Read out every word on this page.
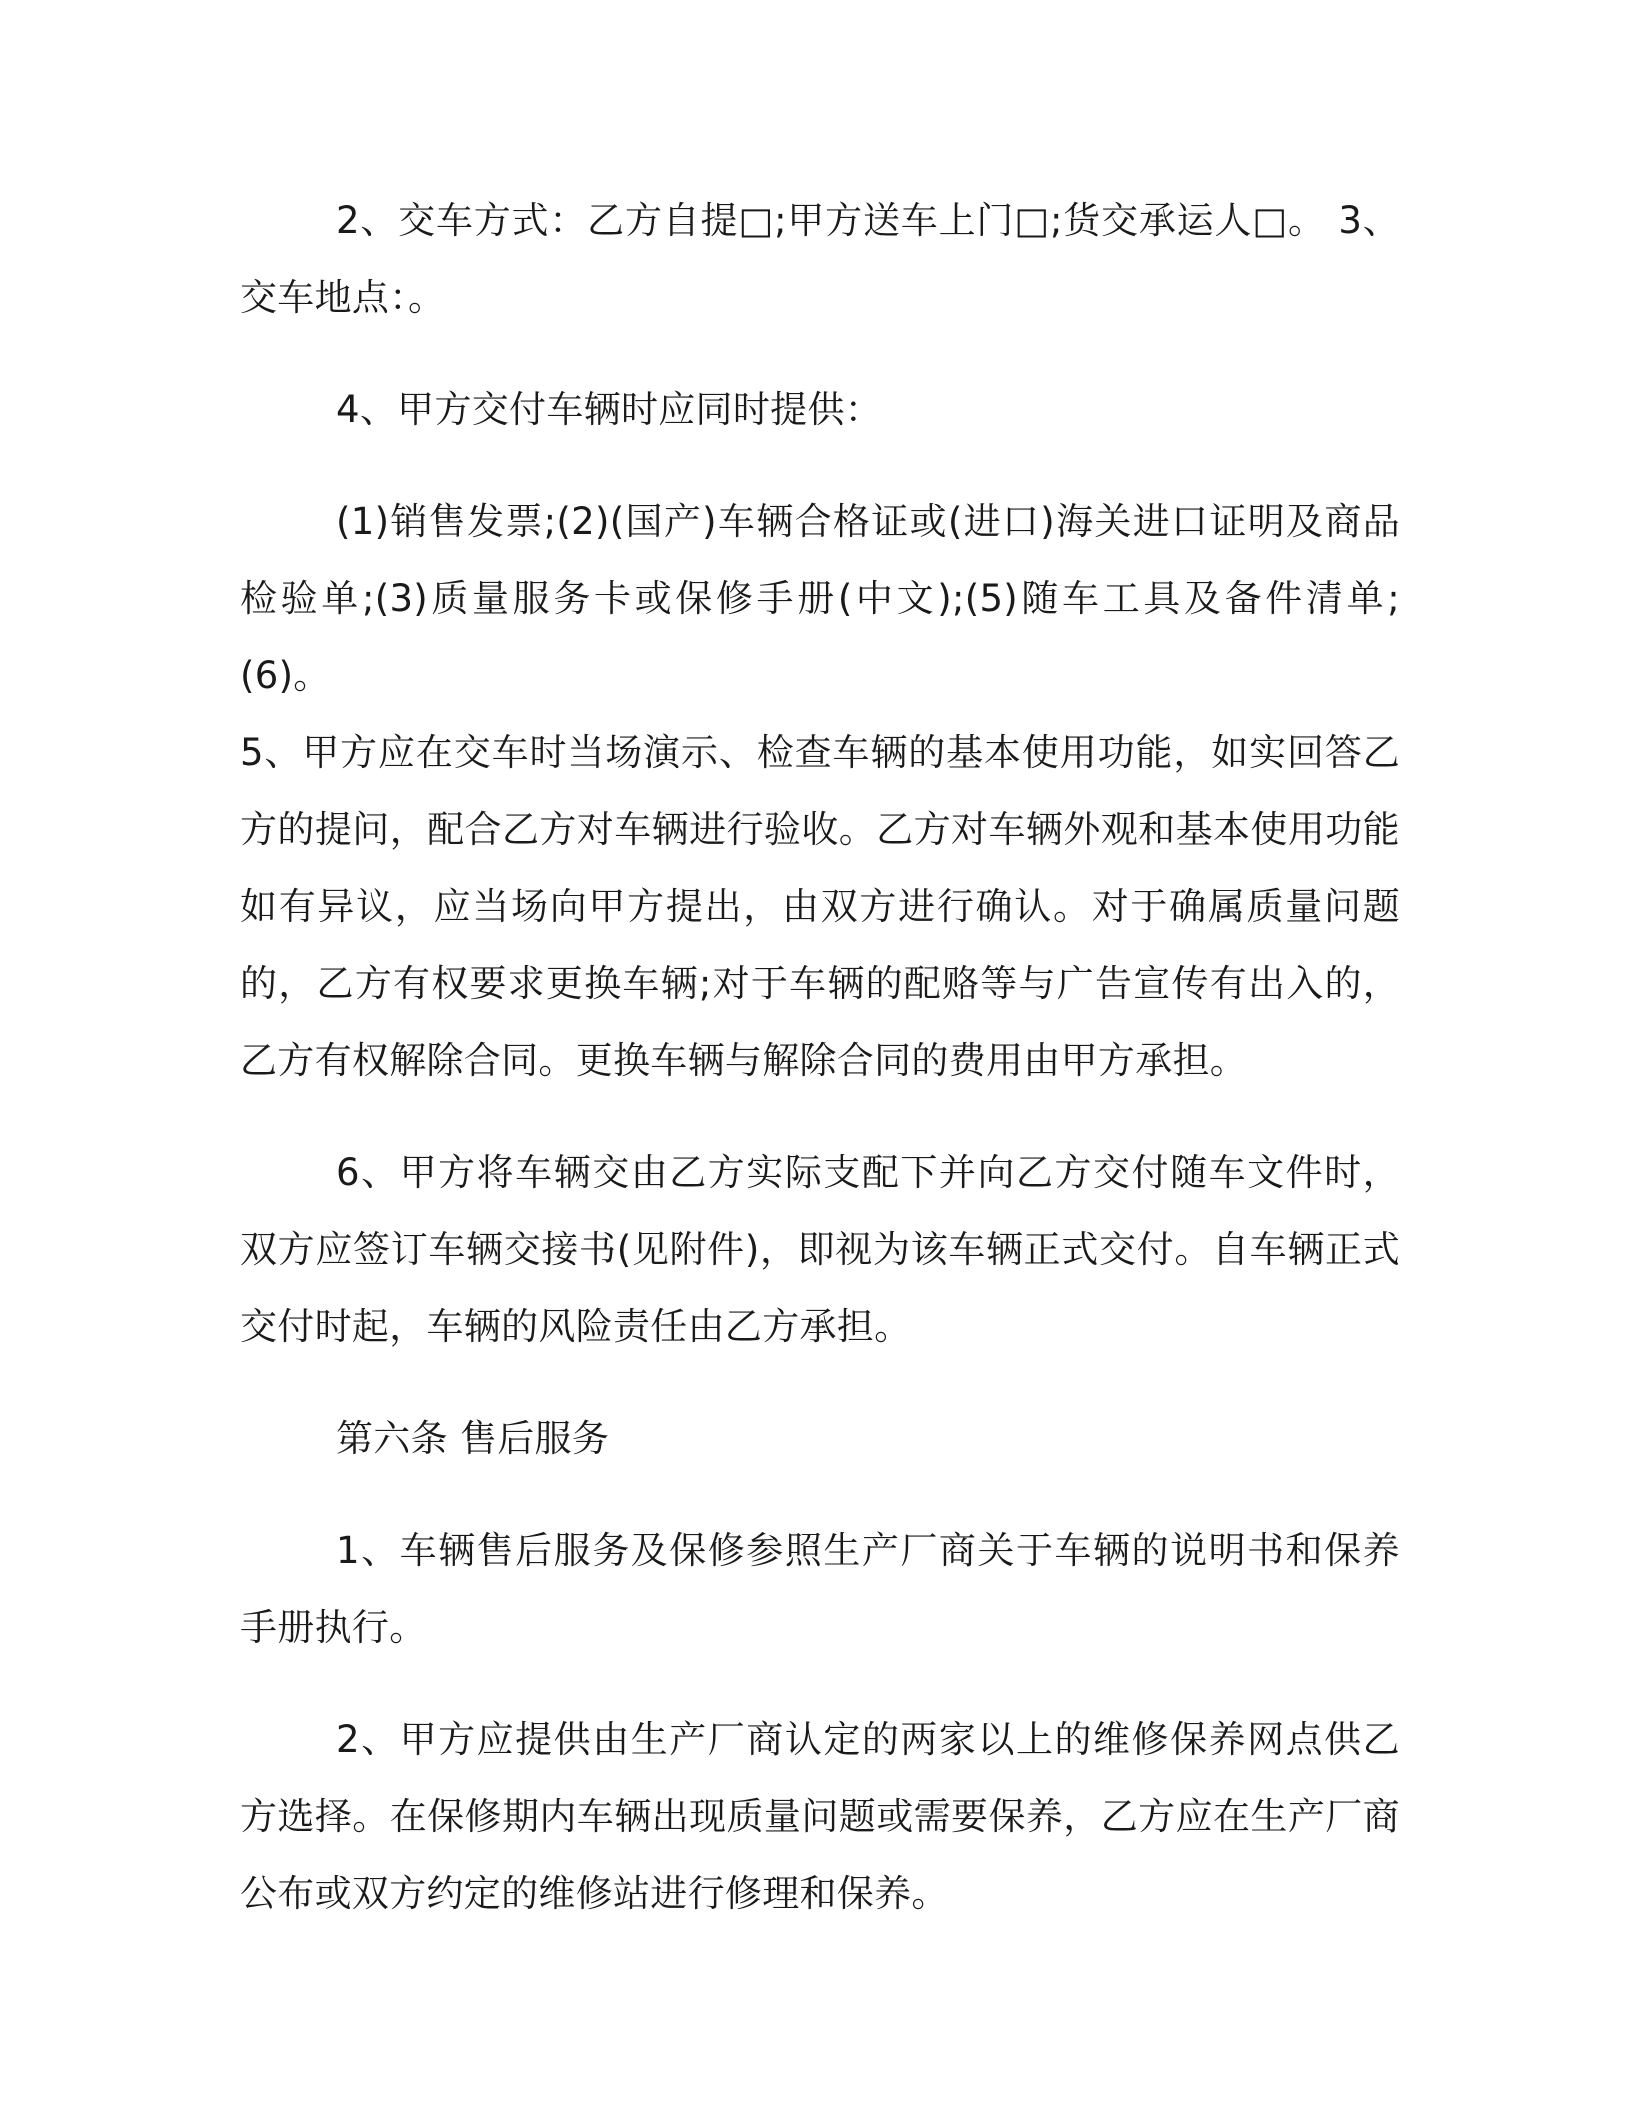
2、交车方式：乙方自提□;甲方送车上门□;货交承运人□。 3、交车地点：。

4、甲方交付车辆时应同时提供：

(1)销售发票;(2)(国产)车辆合格证或(进口)海关进口证明及商品检验单;(3)质量服务卡或保修手册(中文);(5)随车工具及备件清单;(6)。

5、甲方应在交车时当场演示、检查车辆的基本使用功能，如实回答乙方的提问，配合乙方对车辆进行验收。乙方对车辆外观和基本使用功能如有异议，应当场向甲方提出，由双方进行确认。对于确属质量问题的，乙方有权要求更换车辆;对于车辆的配赂等与广告宣传有出入的，乙方有权解除合同。更换车辆与解除合同的费用由甲方承担。

6、甲方将车辆交由乙方实际支配下并向乙方交付随车文件时，双方应签订车辆交接书(见附件)，即视为该车辆正式交付。自车辆正式交付时起，车辆的风险责任由乙方承担。

第六条 售后服务

1、车辆售后服务及保修参照生产厂商关于车辆的说明书和保养手册执行。

2、甲方应提供由生产厂商认定的两家以上的维修保养网点供乙方选择。在保修期内车辆出现质量问题或需要保养，乙方应在生产厂商公布或双方约定的维修站进行修理和保养。
